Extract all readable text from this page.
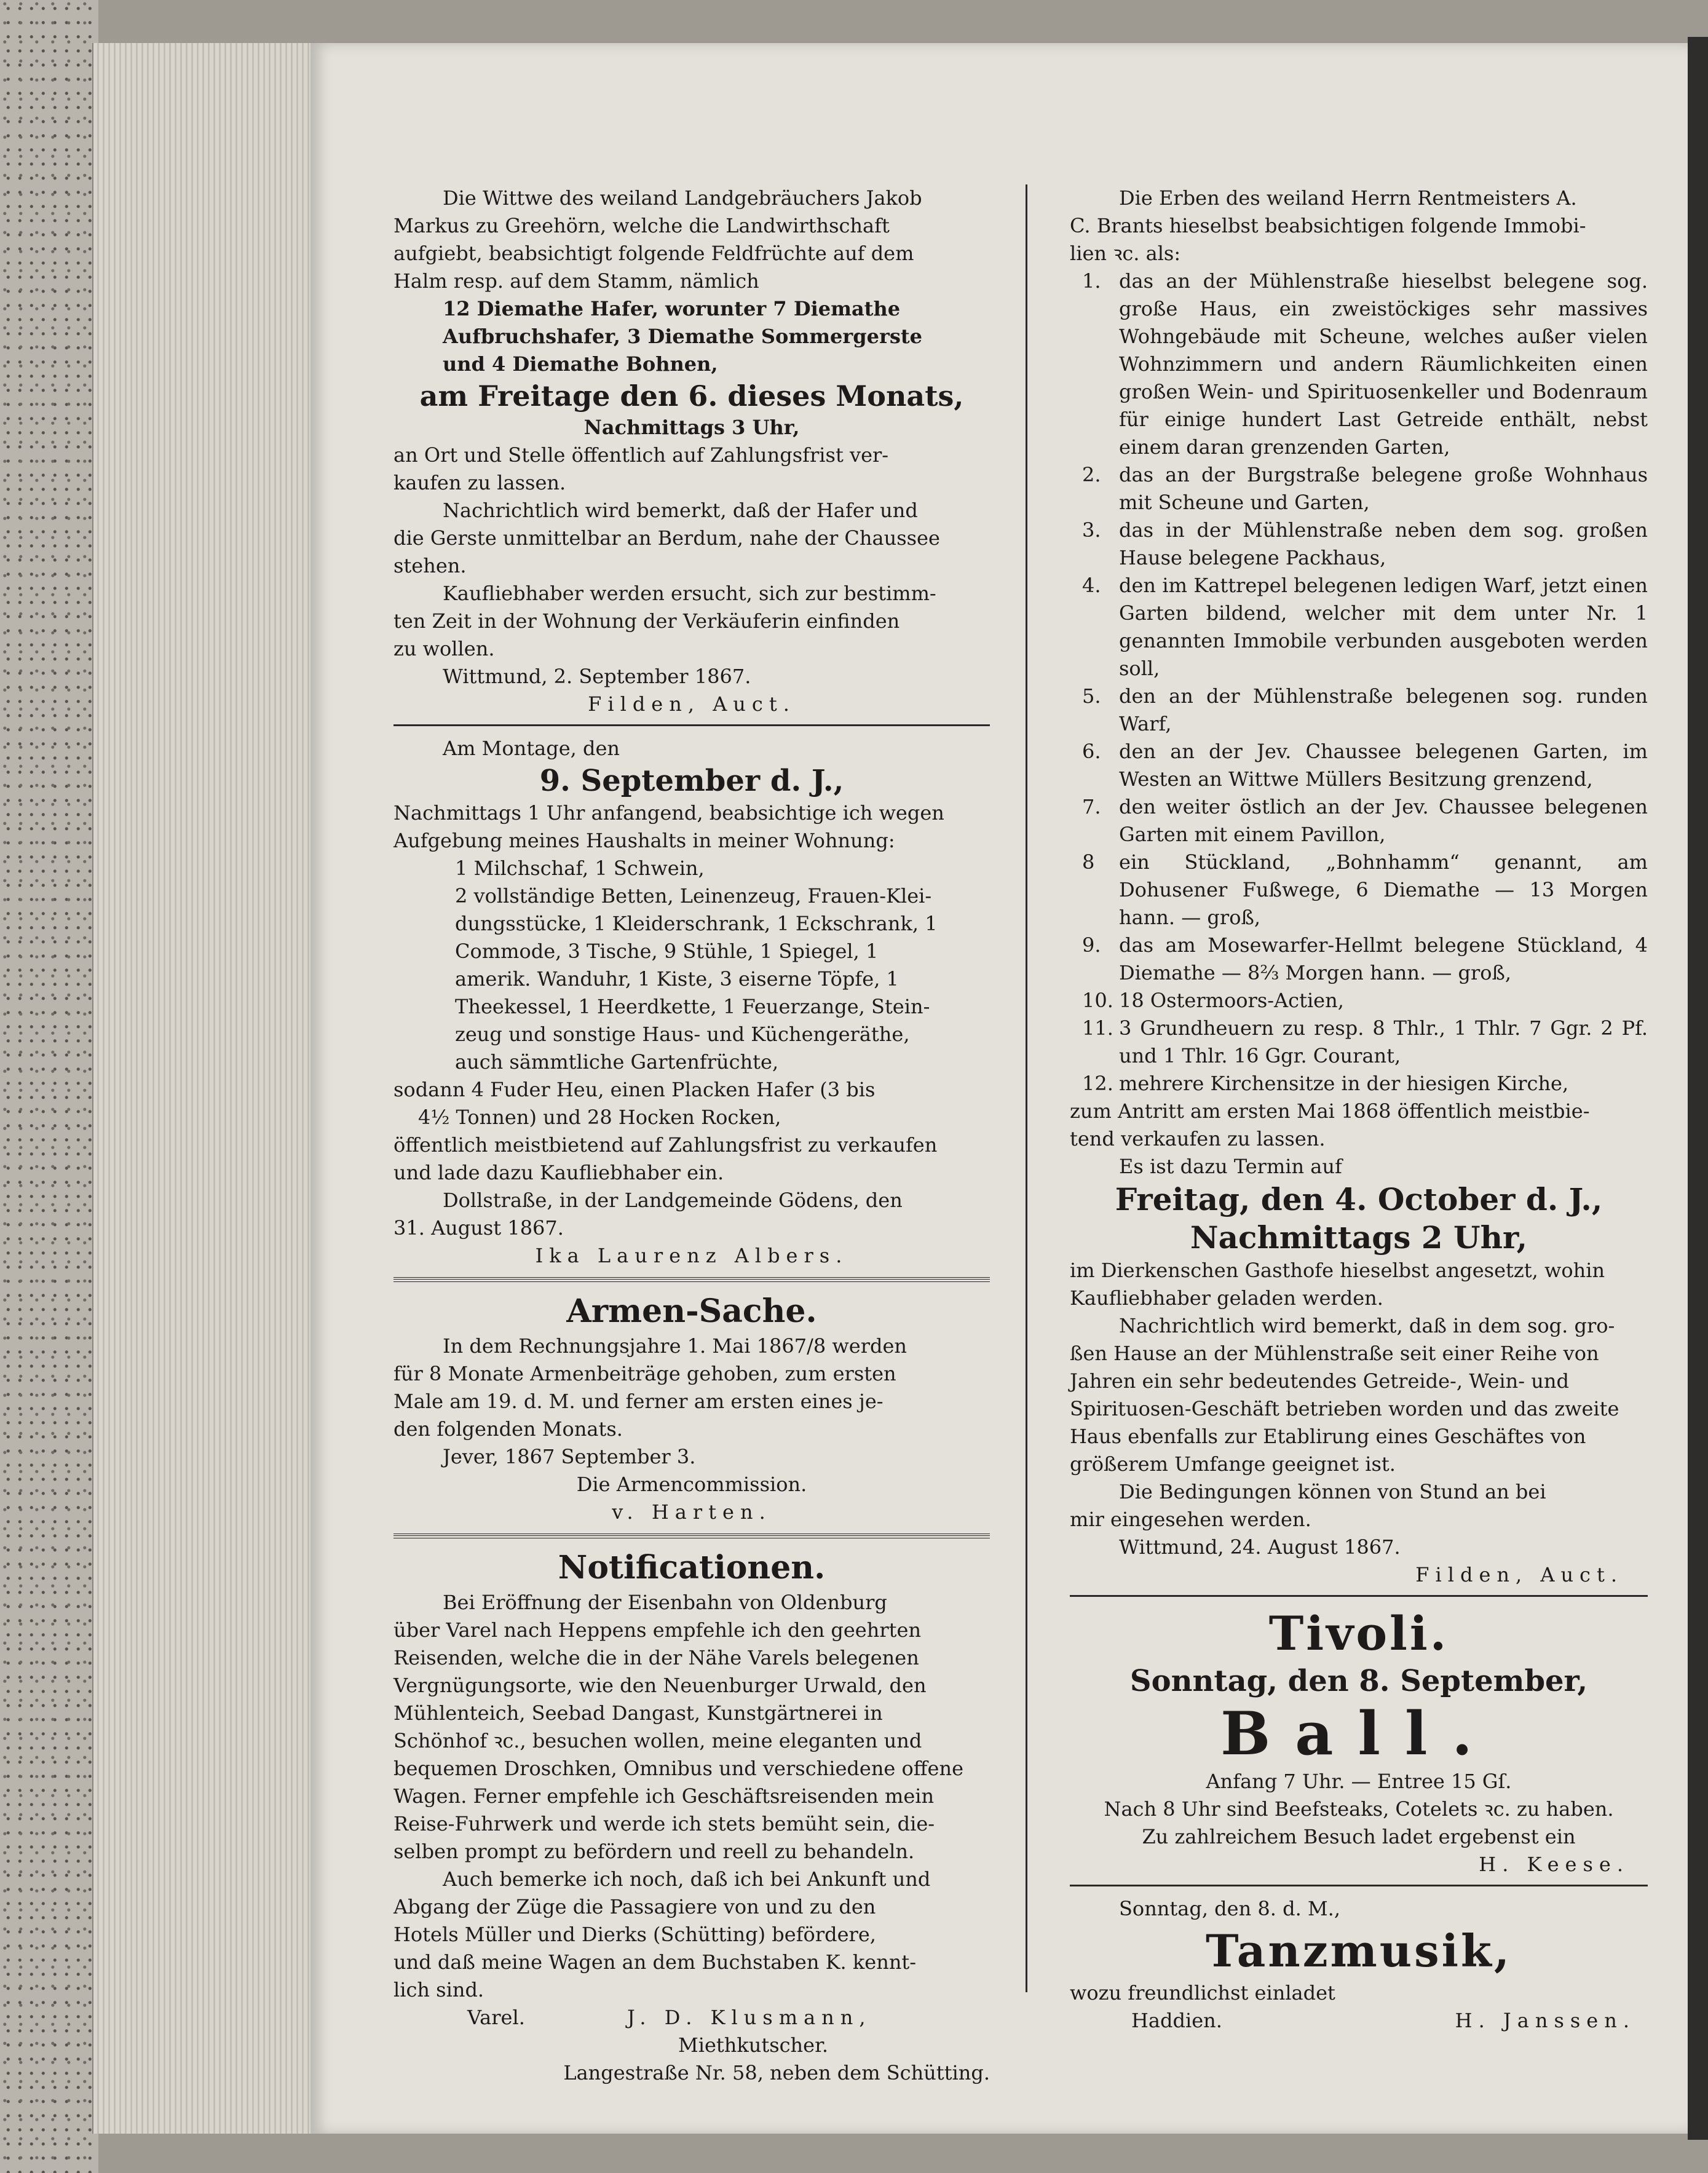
Die Wittwe des weiland Landgebräuchers Jakob

Markus zu Greehörn, welche die Landwirthschaft

aufgiebt, beabsichtigt folgende Feldfrüchte auf dem

Halm resp. auf dem Stamm, nämlich

12 Diemathe Hafer, worunter 7 Diemathe

Aufbruchshafer, 3 Diemathe Sommergerste

und 4 Diemathe Bohnen,

am Freitage den 6. dieses Monats,

Nachmittags 3 Uhr,

an Ort und Stelle öffentlich auf Zahlungsfrist ver-

kaufen zu lassen.

Nachrichtlich wird bemerkt, daß der Hafer und

die Gerste unmittelbar an Berdum, nahe der Chaussee

stehen.

Kaufliebhaber werden ersucht, sich zur bestimm-

ten Zeit in der Wohnung der Verkäuferin einfinden

zu wollen.

Wittmund, 2. September 1867.

Filden, Auct.

Am Montage, den

9. September d. J.,

Nachmittags 1 Uhr anfangend, beabsichtige ich wegen

Aufgebung meines Haushalts in meiner Wohnung:

1 Milchschaf, 1 Schwein,

2 vollständige Betten, Leinenzeug, Frauen-Klei-

dungsstücke, 1 Kleiderschrank, 1 Eckschrank, 1

Commode, 3 Tische, 9 Stühle, 1 Spiegel, 1

amerik. Wanduhr, 1 Kiste, 3 eiserne Töpfe, 1

Theekessel, 1 Heerdkette, 1 Feuerzange, Stein-

zeug und sonstige Haus- und Küchengeräthe,

auch sämmtliche Gartenfrüchte,

sodann 4 Fuder Heu, einen Placken Hafer (3 bis

4½ Tonnen) und 28 Hocken Rocken,

öffentlich meistbietend auf Zahlungsfrist zu verkaufen

und lade dazu Kaufliebhaber ein.

Dollstraße, in der Landgemeinde Gödens, den

31. August 1867.

Ika Laurenz Albers.

Armen-Sache.

In dem Rechnungsjahre 1. Mai 1867/8 werden

für 8 Monate Armenbeiträge gehoben, zum ersten

Male am 19. d. M. und ferner am ersten eines je-

den folgenden Monats.

Jever, 1867 September 3.

Die Armencommission.

v. Harten.

Notificationen.

Bei Eröffnung der Eisenbahn von Oldenburg

über Varel nach Heppens empfehle ich den geehrten

Reisenden, welche die in der Nähe Varels belegenen

Vergnügungsorte, wie den Neuenburger Urwald, den

Mühlenteich, Seebad Dangast, Kunstgärtnerei in

Schönhof ꝛc., besuchen wollen, meine eleganten und

bequemen Droschken, Omnibus und verschiedene offene

Wagen. Ferner empfehle ich Geschäftsreisenden mein

Reise-Fuhrwerk und werde ich stets bemüht sein, die-

selben prompt zu befördern und reell zu behandeln.

Auch bemerke ich noch, daß ich bei Ankunft und

Abgang der Züge die Passagiere von und zu den

Hotels Müller und Dierks (Schütting) befördere,

und daß meine Wagen an dem Buchstaben K. kennt-

lich sind.

Varel.	J. D. Klusmann,

Miethkutscher.

Langestraße Nr. 58, neben dem Schütting.

Die Erben des weiland Herrn Rentmeisters A.

C. Brants hieselbst beabsichtigen folgende Immobi-

lien ꝛc. als:

1. das an der Mühlenstraße hieselbst belegene sog. große Haus, ein zweistöckiges sehr massives Wohngebäude mit Scheune, welches außer vielen Wohnzimmern und andern Räumlichkeiten einen großen Wein- und Spirituosenkeller und Bodenraum für einige hundert Last Getreide enthält, nebst einem daran grenzenden Garten,

2. das an der Burgstraße belegene große Wohnhaus mit Scheune und Garten,

3. das in der Mühlenstraße neben dem sog. großen Hause belegene Packhaus,

4. den im Kattrepel belegenen ledigen Warf, jetzt einen Garten bildend, welcher mit dem unter Nr. 1 genannten Immobile verbunden ausgeboten werden soll,

5. den an der Mühlenstraße belegenen sog. runden Warf,

6. den an der Jev. Chaussee belegenen Garten, im Westen an Wittwe Müllers Besitzung grenzend,

7. den weiter östlich an der Jev. Chaussee belegenen Garten mit einem Pavillon,

8 ein Stückland, „Bohnhamm“ genannt, am Dohusener Fußwege, 6 Diemathe — 13 Morgen hann. — groß,

9. das am Mosewarfer-Hellmt belegene Stückland, 4 Diemathe — 8⅔ Morgen hann. — groß,

10. 18 Ostermoors-Actien,

11. 3 Grundheuern zu resp. 8 Thlr., 1 Thlr. 7 Ggr. 2 Pf. und 1 Thlr. 16 Ggr. Courant,

12. mehrere Kirchensitze in der hiesigen Kirche,

zum Antritt am ersten Mai 1868 öffentlich meistbie-

tend verkaufen zu lassen.

Es ist dazu Termin auf

Freitag, den 4. October d. J.,

Nachmittags 2 Uhr,

im Dierkenschen Gasthofe hieselbst angesetzt, wohin

Kaufliebhaber geladen werden.

Nachrichtlich wird bemerkt, daß in dem sog. gro-

ßen Hause an der Mühlenstraße seit einer Reihe von

Jahren ein sehr bedeutendes Getreide-, Wein- und

Spirituosen-Geschäft betrieben worden und das zweite

Haus ebenfalls zur Etablirung eines Geschäftes von

größerem Umfange geeignet ist.

Die Bedingungen können von Stund an bei

mir eingesehen werden.

Wittmund, 24. August 1867.

Filden, Auct.

Tivoli.

Sonntag, den 8. September,

Ball.

Anfang 7 Uhr. — Entree 15 Gſ.

Nach 8 Uhr sind Beefsteaks, Cotelets ꝛc. zu haben.

Zu zahlreichem Besuch ladet ergebenst ein

H. Keese.

Sonntag, den 8. d. M.,

Tanzmusik,

wozu freundlichst einladet

Haddien.	H. Janssen.
